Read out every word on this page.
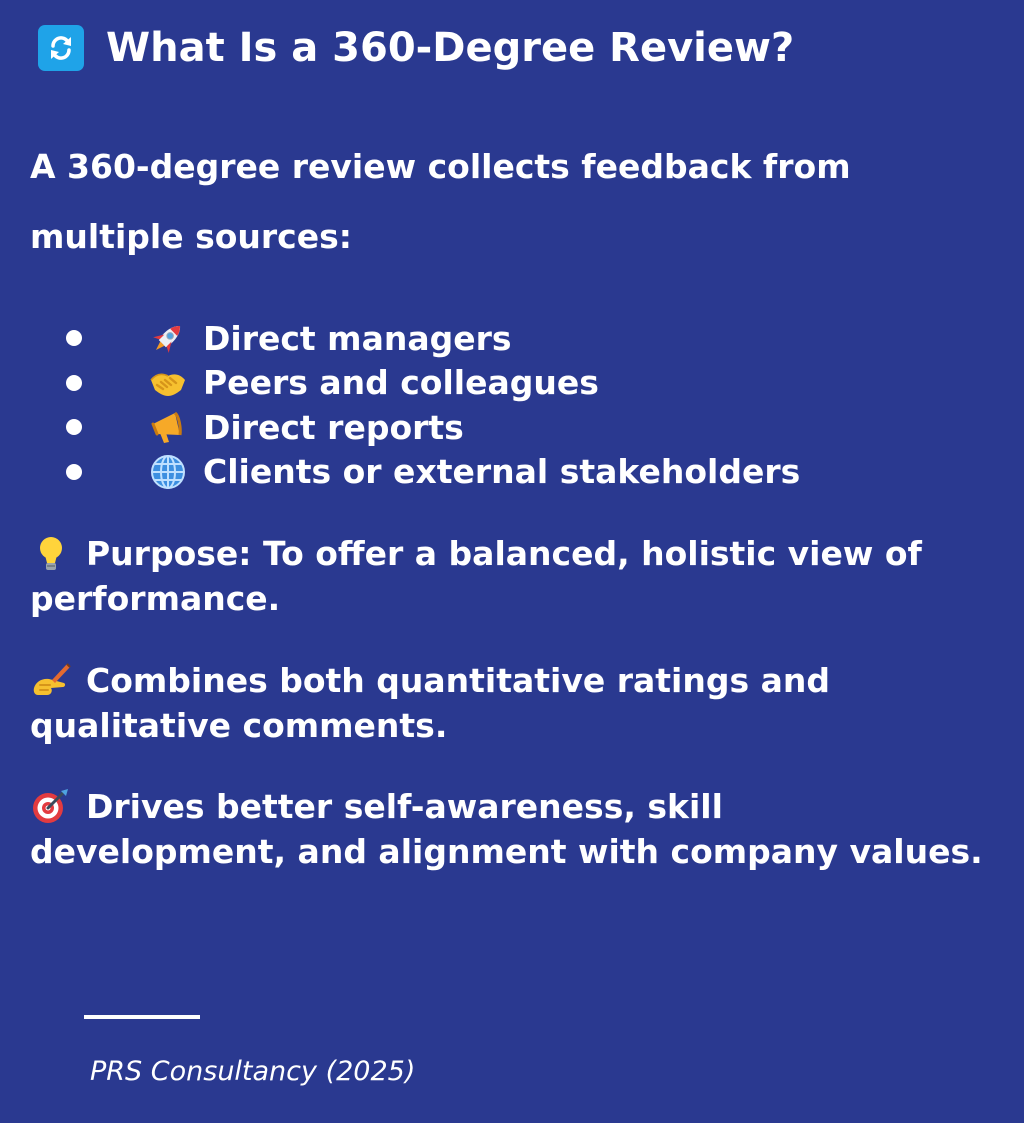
What Is a 360-Degree Review?

A 360-degree review collects feedback from multiple sources:

Direct managers
Peers and colleagues
Direct reports
Clients or external stakeholders

Purpose: To offer a balanced, holistic view of performance.

Combines both quantitative ratings and qualitative comments.

Drives better self-awareness, skill development, and alignment with company values.

PRS Consultancy (2025)
